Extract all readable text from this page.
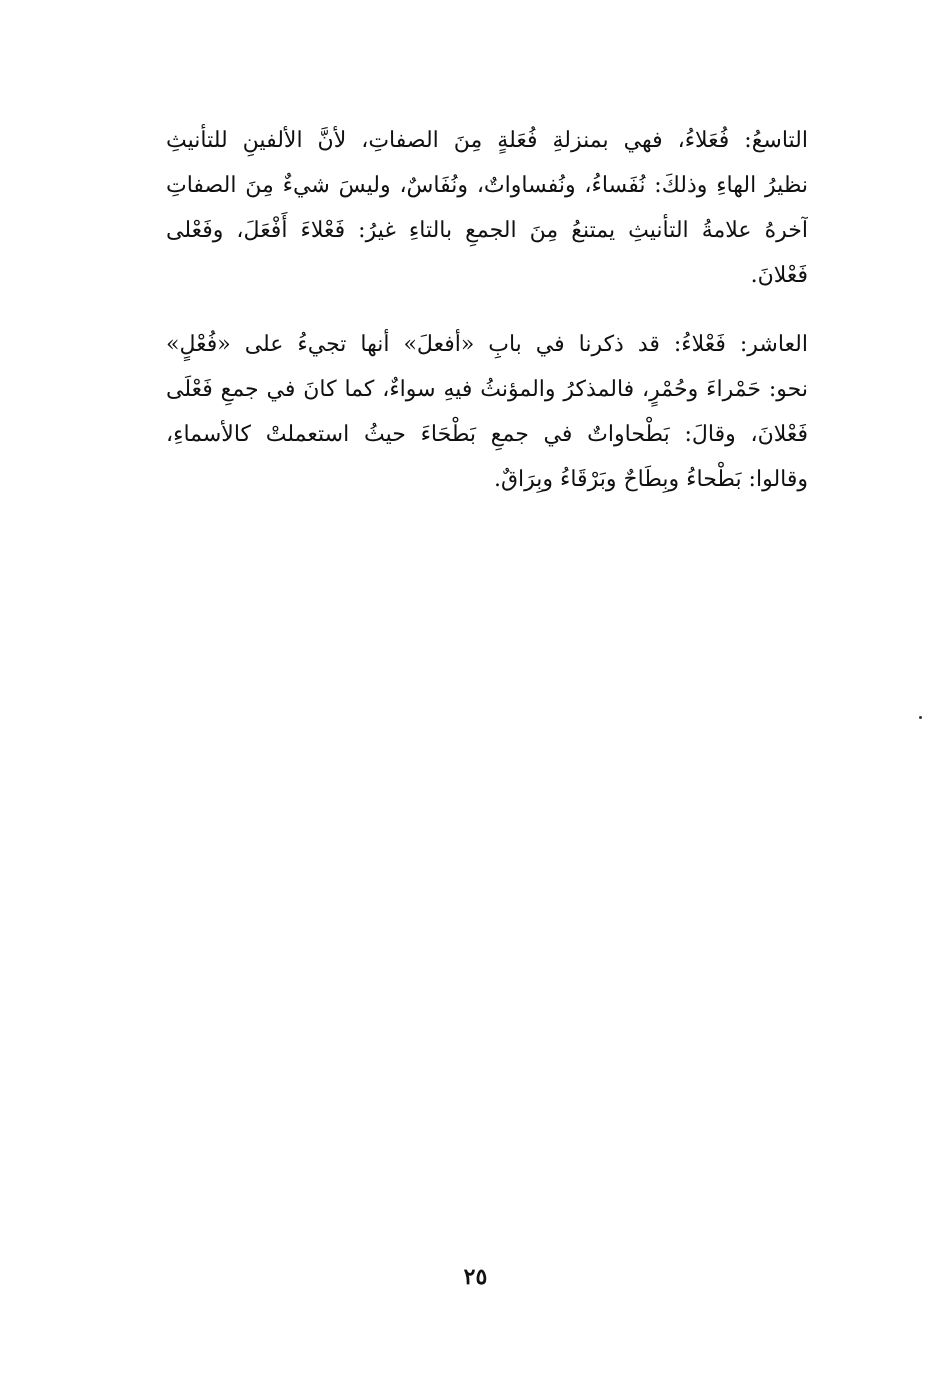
التاسعُ: فُعَلاءُ، فهي بمنزلةِ فُعَلةٍ مِنَ الصفاتِ، لأنَّ الألفينِ للتأنيثِ
نظيرُ الهاءِ وذلكَ: نُفَساءُ، ونُفساواتٌ، ونُفَاسٌ، وليسَ شيءٌ مِنَ الصفاتِ
آخرهُ علامةُ التأنيثِ يمتنعُ مِنَ الجمعِ بالتاءِ غيرُ: فَعْلاءَ أَفْعَلَ، وفَعْلى
فَعْلانَ.

العاشر: فَعْلاءُ: قد ذكرنا في بابِ «أفعلَ» أنها تجيءُ على «فُعْلٍ»
نحو: حَمْراءَ وحُمْرٍ، فالمذكرُ والمؤنثُ فيهِ سواءٌ، كما كانَ في جمعِ فَعْلَى
فَعْلانَ، وقالَ: بَطْحاواتٌ في جمعِ بَطْحَاءَ حيثُ استعملتْ كالأسماءِ،
وقالوا: بَطْحاءُ وبِطَاحٌ وبَرْقَاءُ وبِرَاقٌ.

٢٥
